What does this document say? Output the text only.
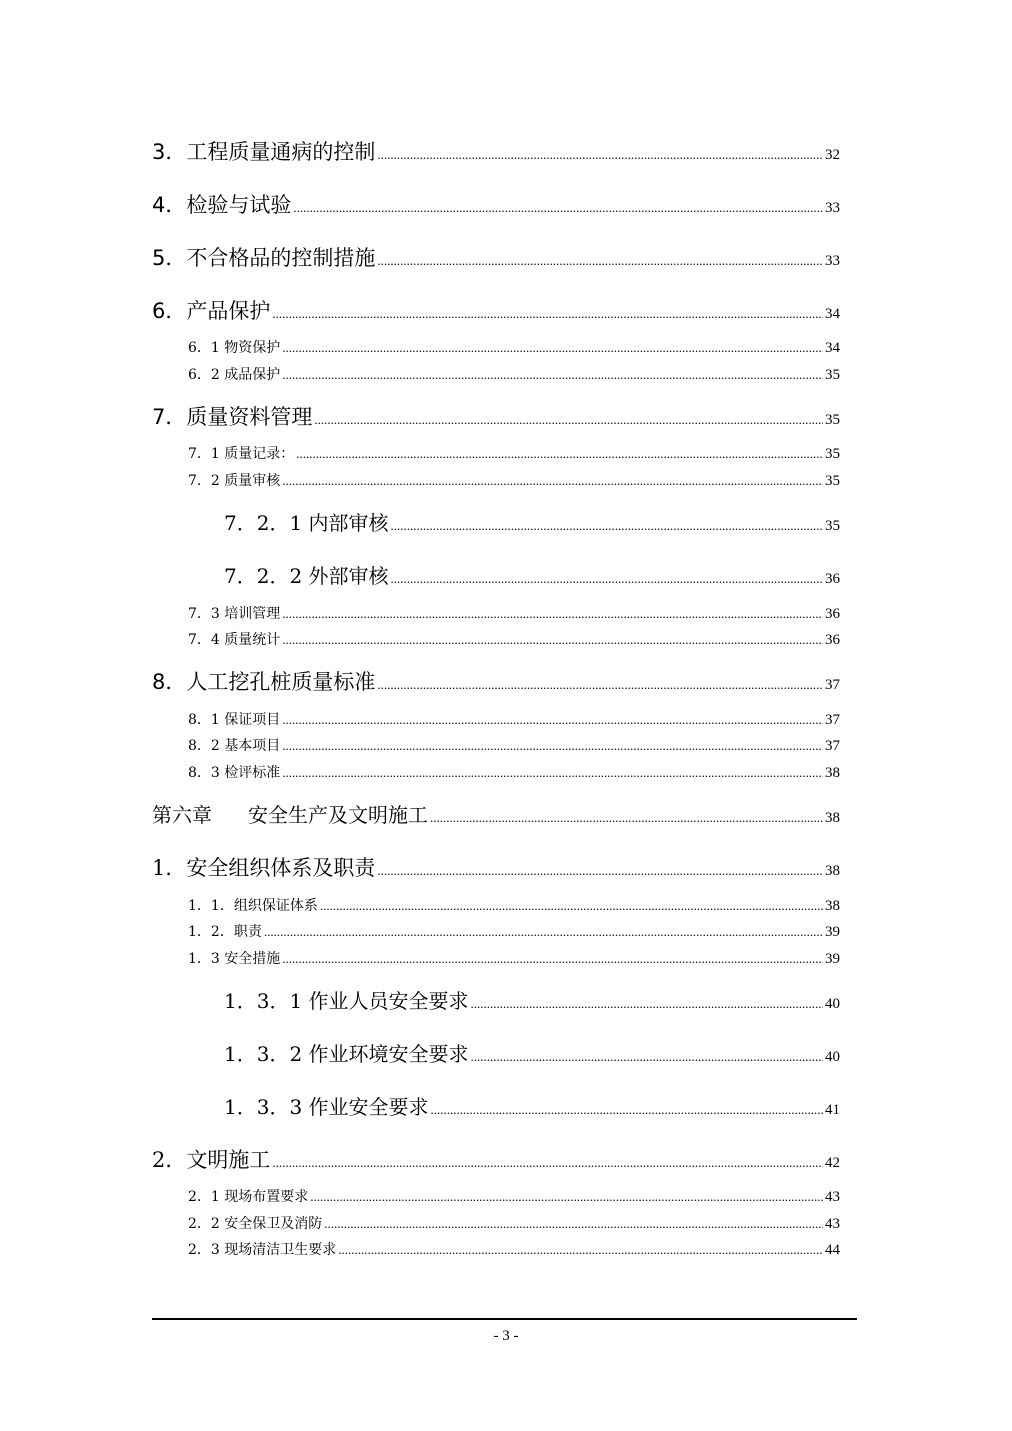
3．工程质量通病的控制 .....	32
4．检验与试验 .....	33
5．不合格品的控制措施 .....	33
6．产品保护 .....	34
6．1 物资保护 .....	34
6．2 成品保护 .....	35
7．质量资料管理 .....	35
7．1 质量记录： .....	35
7．2 质量审核 .....	35
7．2．1 内部审核 .....	35
7．2．2 外部审核 .....	36
7．3 培训管理 .....	36
7．4 质量统计 .....	36
8．人工挖孔桩质量标准 .....	37
8．1 保证项目 .....	37
8．2 基本项目 .....	37
8．3 检评标准 .....	38
第六章 安全生产及文明施工 .....	38
1．安全组织体系及职责 .....	38
1．1．组织保证体系 .....	38
1．2．职责 .....	39
1．3 安全措施 .....	39
1．3．1 作业人员安全要求 .....	40
1．3．2 作业环境安全要求 .....	40
1．3．3 作业安全要求 .....	41
2．文明施工 .....	42
2．1 现场布置要求 .....	43
2．2 安全保卫及消防 .....	43
2．3 现场清洁卫生要求 .....	44
- 3 -
